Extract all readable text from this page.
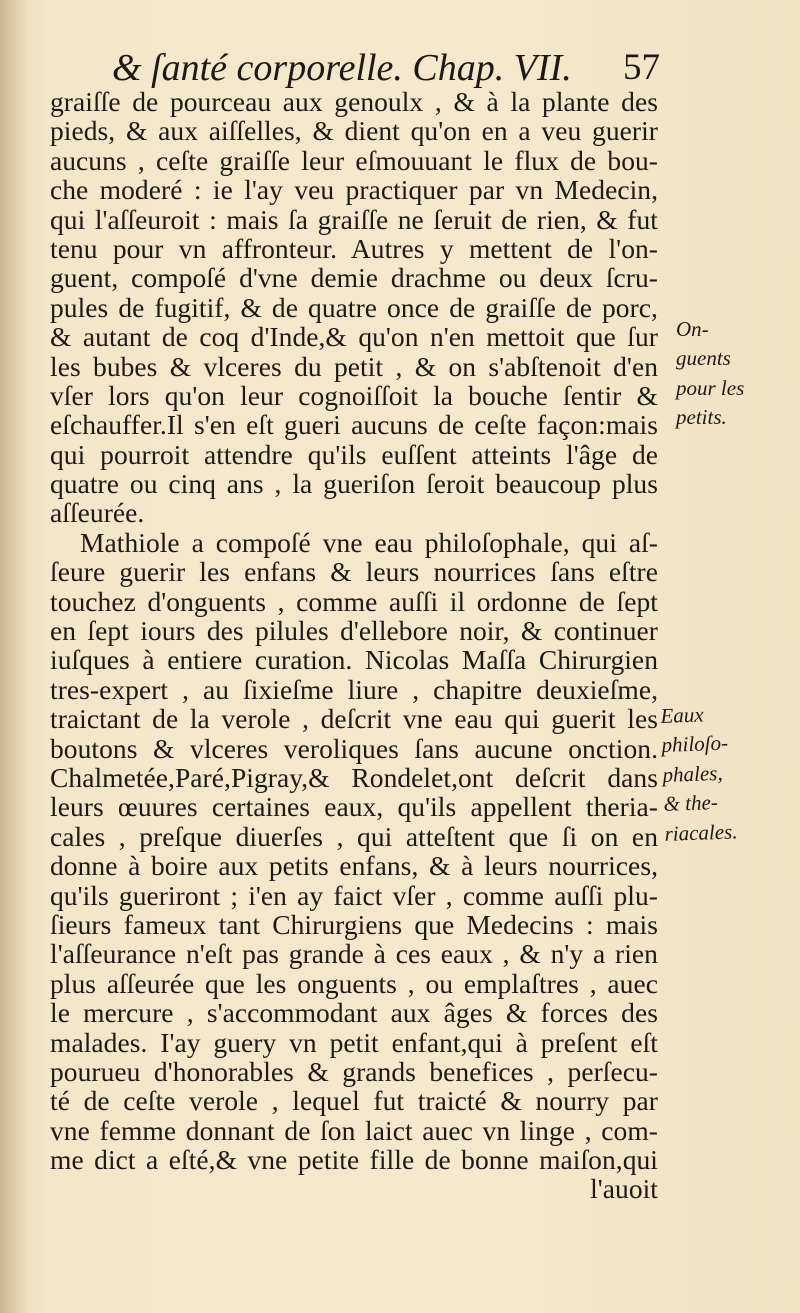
& ſanté corporelle. Chap. VII. 57
graiſſe de pourceau aux genoulx , & à la plante des
pieds, & aux aiſſelles, & dient qu'on en a veu guerir
aucuns , ceſte graiſſe leur eſmouuant le flux de bou-
che moderé : ie l'ay veu practiquer par vn Medecin,
qui l'aſſeuroit : mais ſa graiſſe ne ſeruit de rien, & fut
tenu pour vn affronteur. Autres y mettent de l'on-
guent, compoſé d'vne demie drachme ou deux ſcru-
pules de fugitif, & de quatre once de graiſſe de porc,
& autant de coq d'Inde,& qu'on n'en mettoit que ſur
les bubes & vlceres du petit , & on s'abſtenoit d'en
vſer lors qu'on leur cognoiſſoit la bouche ſentir &
eſchauffer.Il s'en eſt gueri aucuns de ceſte façon:mais
qui pourroit attendre qu'ils euſſent atteints l'âge de
quatre ou cinq ans , la gueriſon ſeroit beaucoup plus
aſſeurée.
Mathiole a compoſé vne eau philoſophale, qui aſ-
ſeure guerir les enfans & leurs nourrices ſans eſtre
touchez d'onguents , comme auſſi il ordonne de ſept
en ſept iours des pilules d'ellebore noir, & continuer
iuſques à entiere curation. Nicolas Maſſa Chirurgien
tres-expert , au ſixieſme liure , chapitre deuxieſme,
traictant de la verole , deſcrit vne eau qui guerit les
boutons & vlceres veroliques ſans aucune onction.
Chalmetée,Paré,Pigray,& Rondelet,ont deſcrit dans
leurs œuures certaines eaux, qu'ils appellent theria-
cales , preſque diuerſes , qui atteſtent que ſi on en
donne à boire aux petits enfans, & à leurs nourrices,
qu'ils gueriront ; i'en ay faict vſer , comme auſſi plu-
ſieurs fameux tant Chirurgiens que Medecins : mais
l'aſſeurance n'eſt pas grande à ces eaux , & n'y a rien
plus aſſeurée que les onguents , ou emplaſtres , auec
le mercure , s'accommodant aux âges & forces des
malades. I'ay guery vn petit enfant,qui à preſent eſt
pourueu d'honorables & grands benefices , perſecu-
té de ceſte verole , lequel fut traicté & nourry par
vne femme donnant de ſon laict auec vn linge , com-
me dict a eſté,& vne petite fille de bonne maiſon,qui
l'auoit
On-
guents
pour les
petits.
Eaux
philoſo-
phales,
& the-
riacales.
